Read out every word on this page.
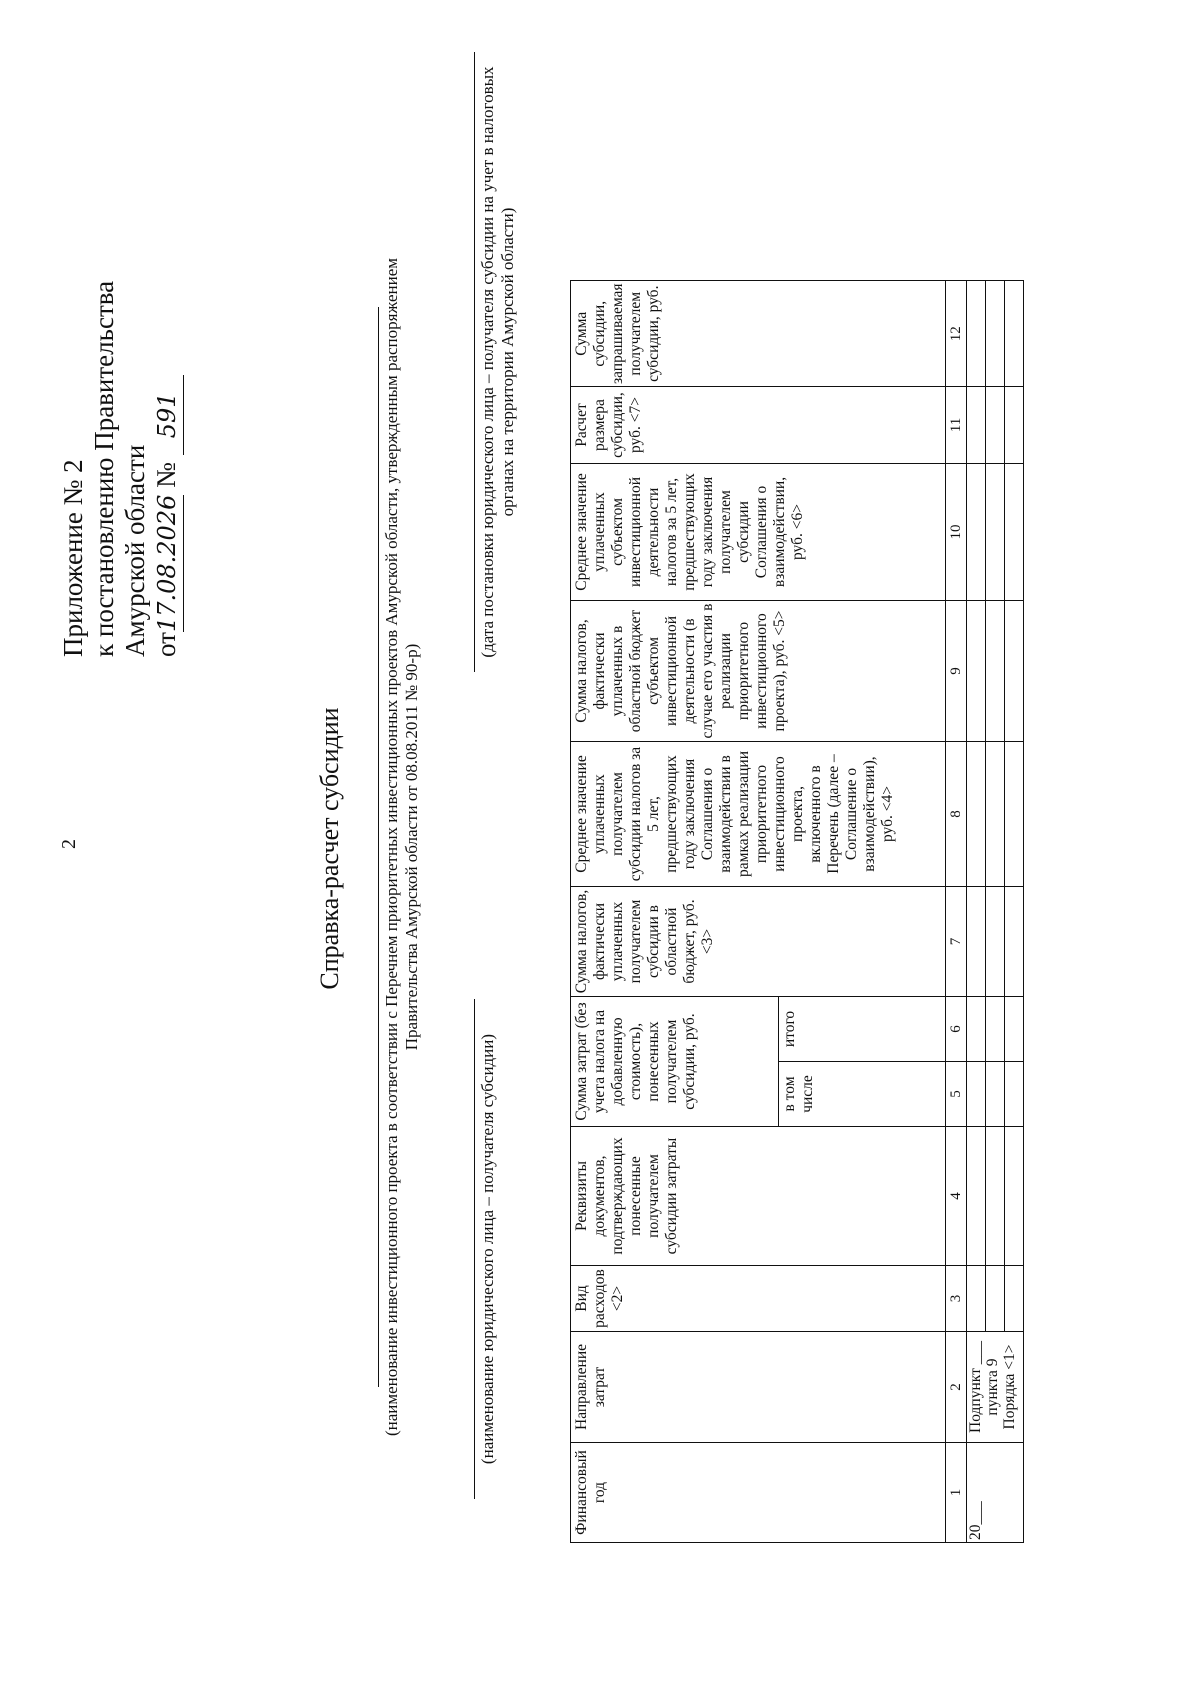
2
Приложение № 2 к постановлению Правительства Амурской области от17.08.2026 № 591
Справка-расчет субсидии (наименование инвестиционного проекта в соответствии с Перечнем приоритетных инвестиционных проектов Амурской области, утвержденным распоряжением Правительства Амурской области от 08.08.2011 № 90-р)
(наименование юридического лица – получателя субсидии)
(дата постановки юридического лица – получателя субсидии на учет в налоговых органах на территории Амурской области)
Финансовый год	Направление затрат	Вид расходов <2>	Реквизиты документов, подтверждающих понесенные получателем субсидии затраты	Сумма затрат (без учета налога на добавленную стоимость), понесенных получателем субсидии, руб.		Сумма налогов, фактически уплаченных получателем субсидии в областной бюджет, руб. <3>	Среднее значение уплаченных получателем субсидии налогов за 5 лет, предшествующих году заключения Соглашения о взаимодействии в рамках реализации приоритетного инвестиционного проекта, включенного в Перечень (далее – Соглашение о взаимодействии), руб. <4>	Сумма налогов, фактически уплаченных в областной бюджет субъектом инвестиционной деятельности (в случае его участия в реализации приоритетного инвестиционного проекта), руб. <5>	Среднее значение уплаченных субъектом инвестиционной деятельности налогов за 5 лет, предшествующих году заключения получателем субсидии Соглашения о взаимодействии, руб. <6>	Расчет размера субсидии, руб. <7>	Сумма субсидии, запрашиваемая получателем субсидии, руб.
				в том числе	итого						
1	2	3	4	5	6	7	8	9	10	11	12
20___	Подпункт ___ пункта 9 Порядка <1>										
